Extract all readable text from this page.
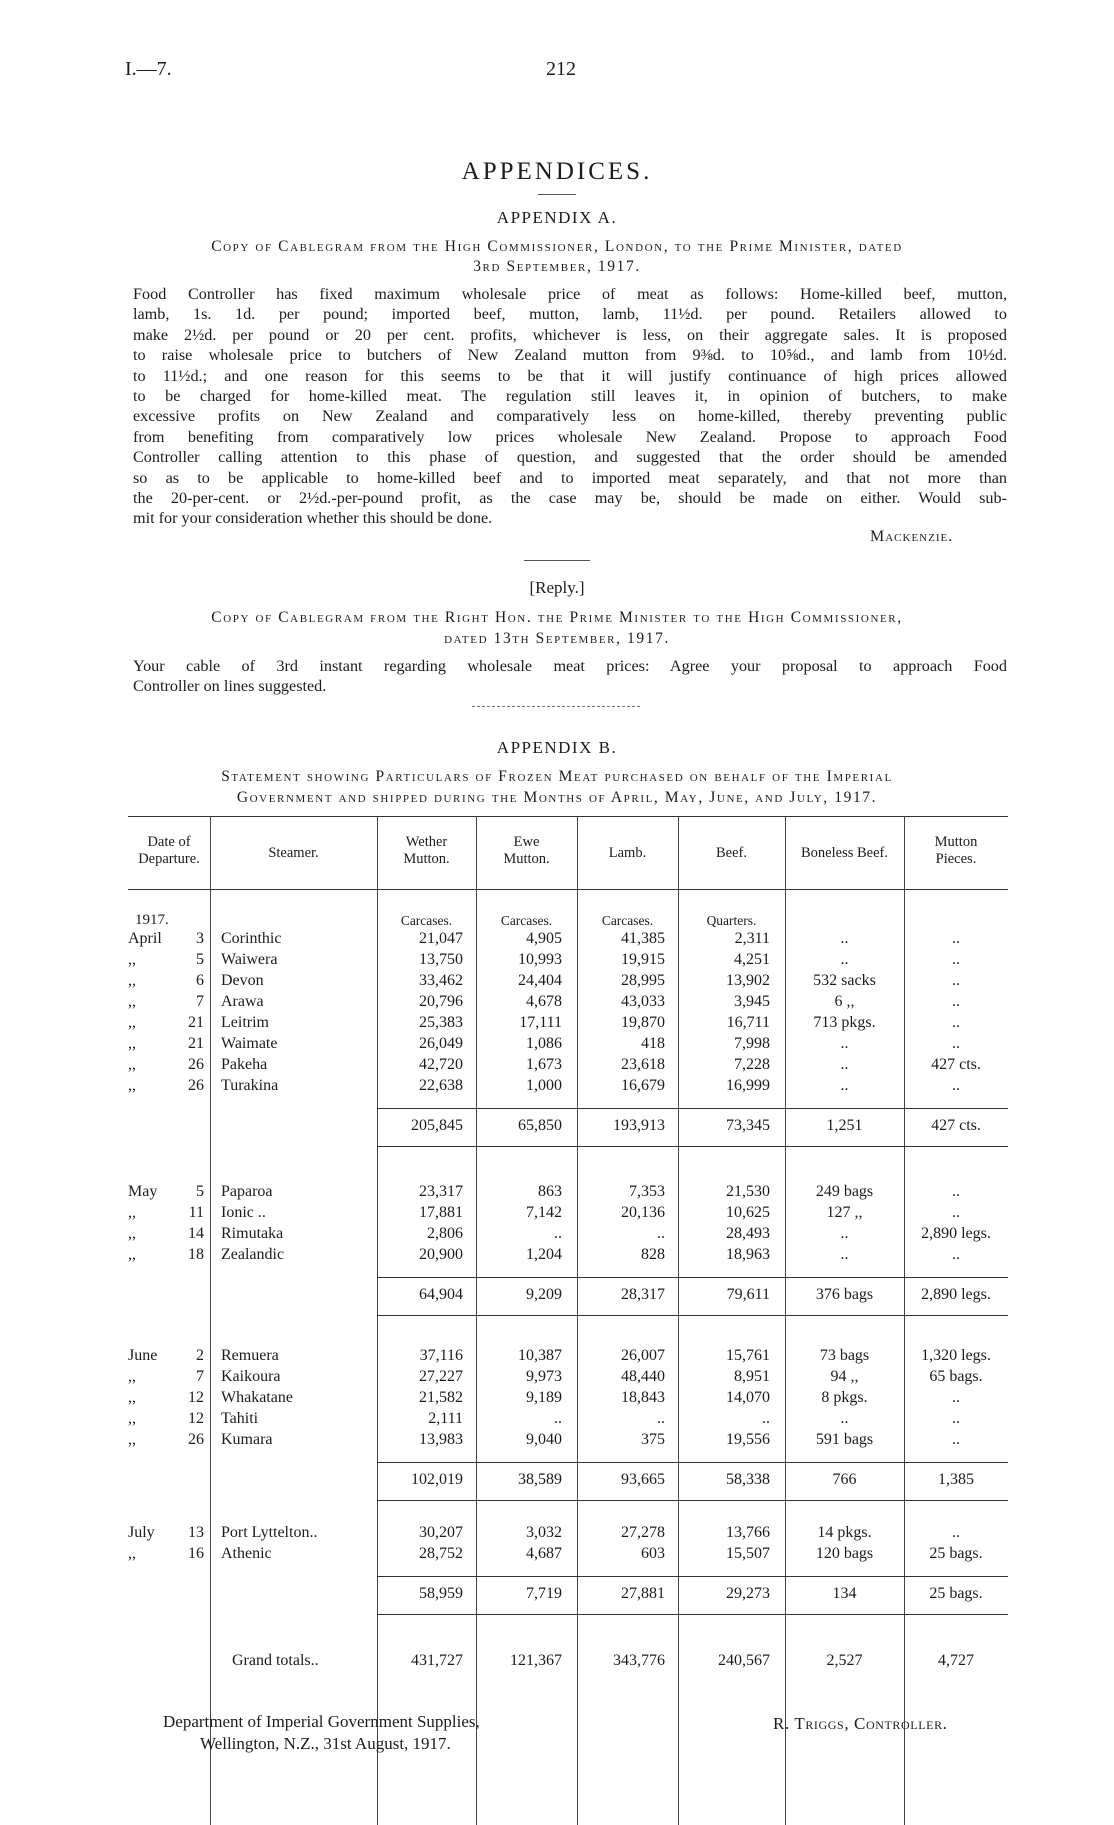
I.—7.	212
APPENDICES.
APPENDIX A.
Copy of Cablegram from the High Commissioner, London, to the Prime Minister, dated
3rd September, 1917.
Food Controller has fixed maximum wholesale price of meat as follows: Home-killed beef, mutton,
lamb, 1s. 1d. per pound; imported beef, mutton, lamb, 11½d. per pound. Retailers allowed to
make 2½d. per pound or 20 per cent. profits, whichever is less, on their aggregate sales. It is proposed
to raise wholesale price to butchers of New Zealand mutton from 9⅜d. to 10⅝d., and lamb from 10½d.
to 11½d.; and one reason for this seems to be that it will justify continuance of high prices allowed
to be charged for home-killed meat. The regulation still leaves it, in opinion of butchers, to make
excessive profits on New Zealand and comparatively less on home-killed, thereby preventing public
from benefiting from comparatively low prices wholesale New Zealand. Propose to approach Food
Controller calling attention to this phase of question, and suggested that the order should be amended
so as to be applicable to home-killed beef and to imported meat separately, and that not more than
the 20-per-cent. or 2½d.-per-pound profit, as the case may be, should be made on either. Would sub-
mit for your consideration whether this should be done.
Mackenzie.
[Reply.]
Copy of Cablegram from the Right Hon. the Prime Minister to the High Commissioner,
dated 13th September, 1917.
Your cable of 3rd instant regarding wholesale meat prices: Agree your proposal to approach Food
Controller on lines suggested.
APPENDIX B.
Statement showing Particulars of Frozen Meat purchased on behalf of the Imperial
Government and shipped during the Months of April, May, June, and July, 1917.
Date of
Departure.	Steamer.
Wether
Mutton.
Ewe
Mutton.	Lamb.	Beef.	Boneless Beef.
Mutton
Pieces.
1917.	Carcases.	Carcases.	Carcases.	Quarters.
April	3 Corinthic	21,047	4,905	41,385	2,311	..	..
,,	5 Waiwera	13,750	10,993	19,915	4,251	..	..
,,	6 Devon	33,462	24,404	28,995	13,902	532 sacks	..
,,	7 Arawa	20,796	4,678	43,033	3,945	6 ,,	..
,,	21 Leitrim	25,383	17,111	19,870	16,711	713 pkgs.	..
,,	21 Waimate	26,049	1,086	418	7,998	..	..
,,	26 Pakeha	42,720	1,673	23,618	7,228	..	427 cts.
,,	26 Turakina	22,638	1,000	16,679	16,999	..	..
205,845	65,850	193,913	73,345	1,251	427 cts.
May	5 Paparoa	23,317	863	7,353	21,530	249 bags	..
,,	11 Ionic ..	17,881	7,142	20,136	10,625	127 ,,	..
,,	14 Rimutaka	2,806	..	..	28,493	..	2,890 legs.
,,	18 Zealandic	20,900	1,204	828	18,963	..	..
64,904	9,209	28,317	79,611	376 bags	2,890 legs.
June	2 Remuera	37,116	10,387	26,007	15,761	73 bags	1,320 legs.
,,	7 Kaikoura	27,227	9,973	48,440	8,951	94 ,,	65 bags.
,,	12 Whakatane	21,582	9,189	18,843	14,070	8 pkgs.	..
,,	12 Tahiti	2,111	..	..	..	..	..
,,	26 Kumara	13,983	9,040	375	19,556	591 bags	..
102,019	38,589	93,665	58,338	766	1,385
July	13 Port Lyttelton..	30,207	3,032	27,278	13,766	14 pkgs.	..
,,	16 Athenic	28,752	4,687	603	15,507	120 bags	25 bags.
58,959	7,719	27,881	29,273	134	25 bags.
Grand totals..	431,727	121,367	343,776	240,567	2,527	4,727
Department of Imperial Government Supplies,
Wellington, N.Z., 31st August, 1917.
R. Triggs, Controller.
